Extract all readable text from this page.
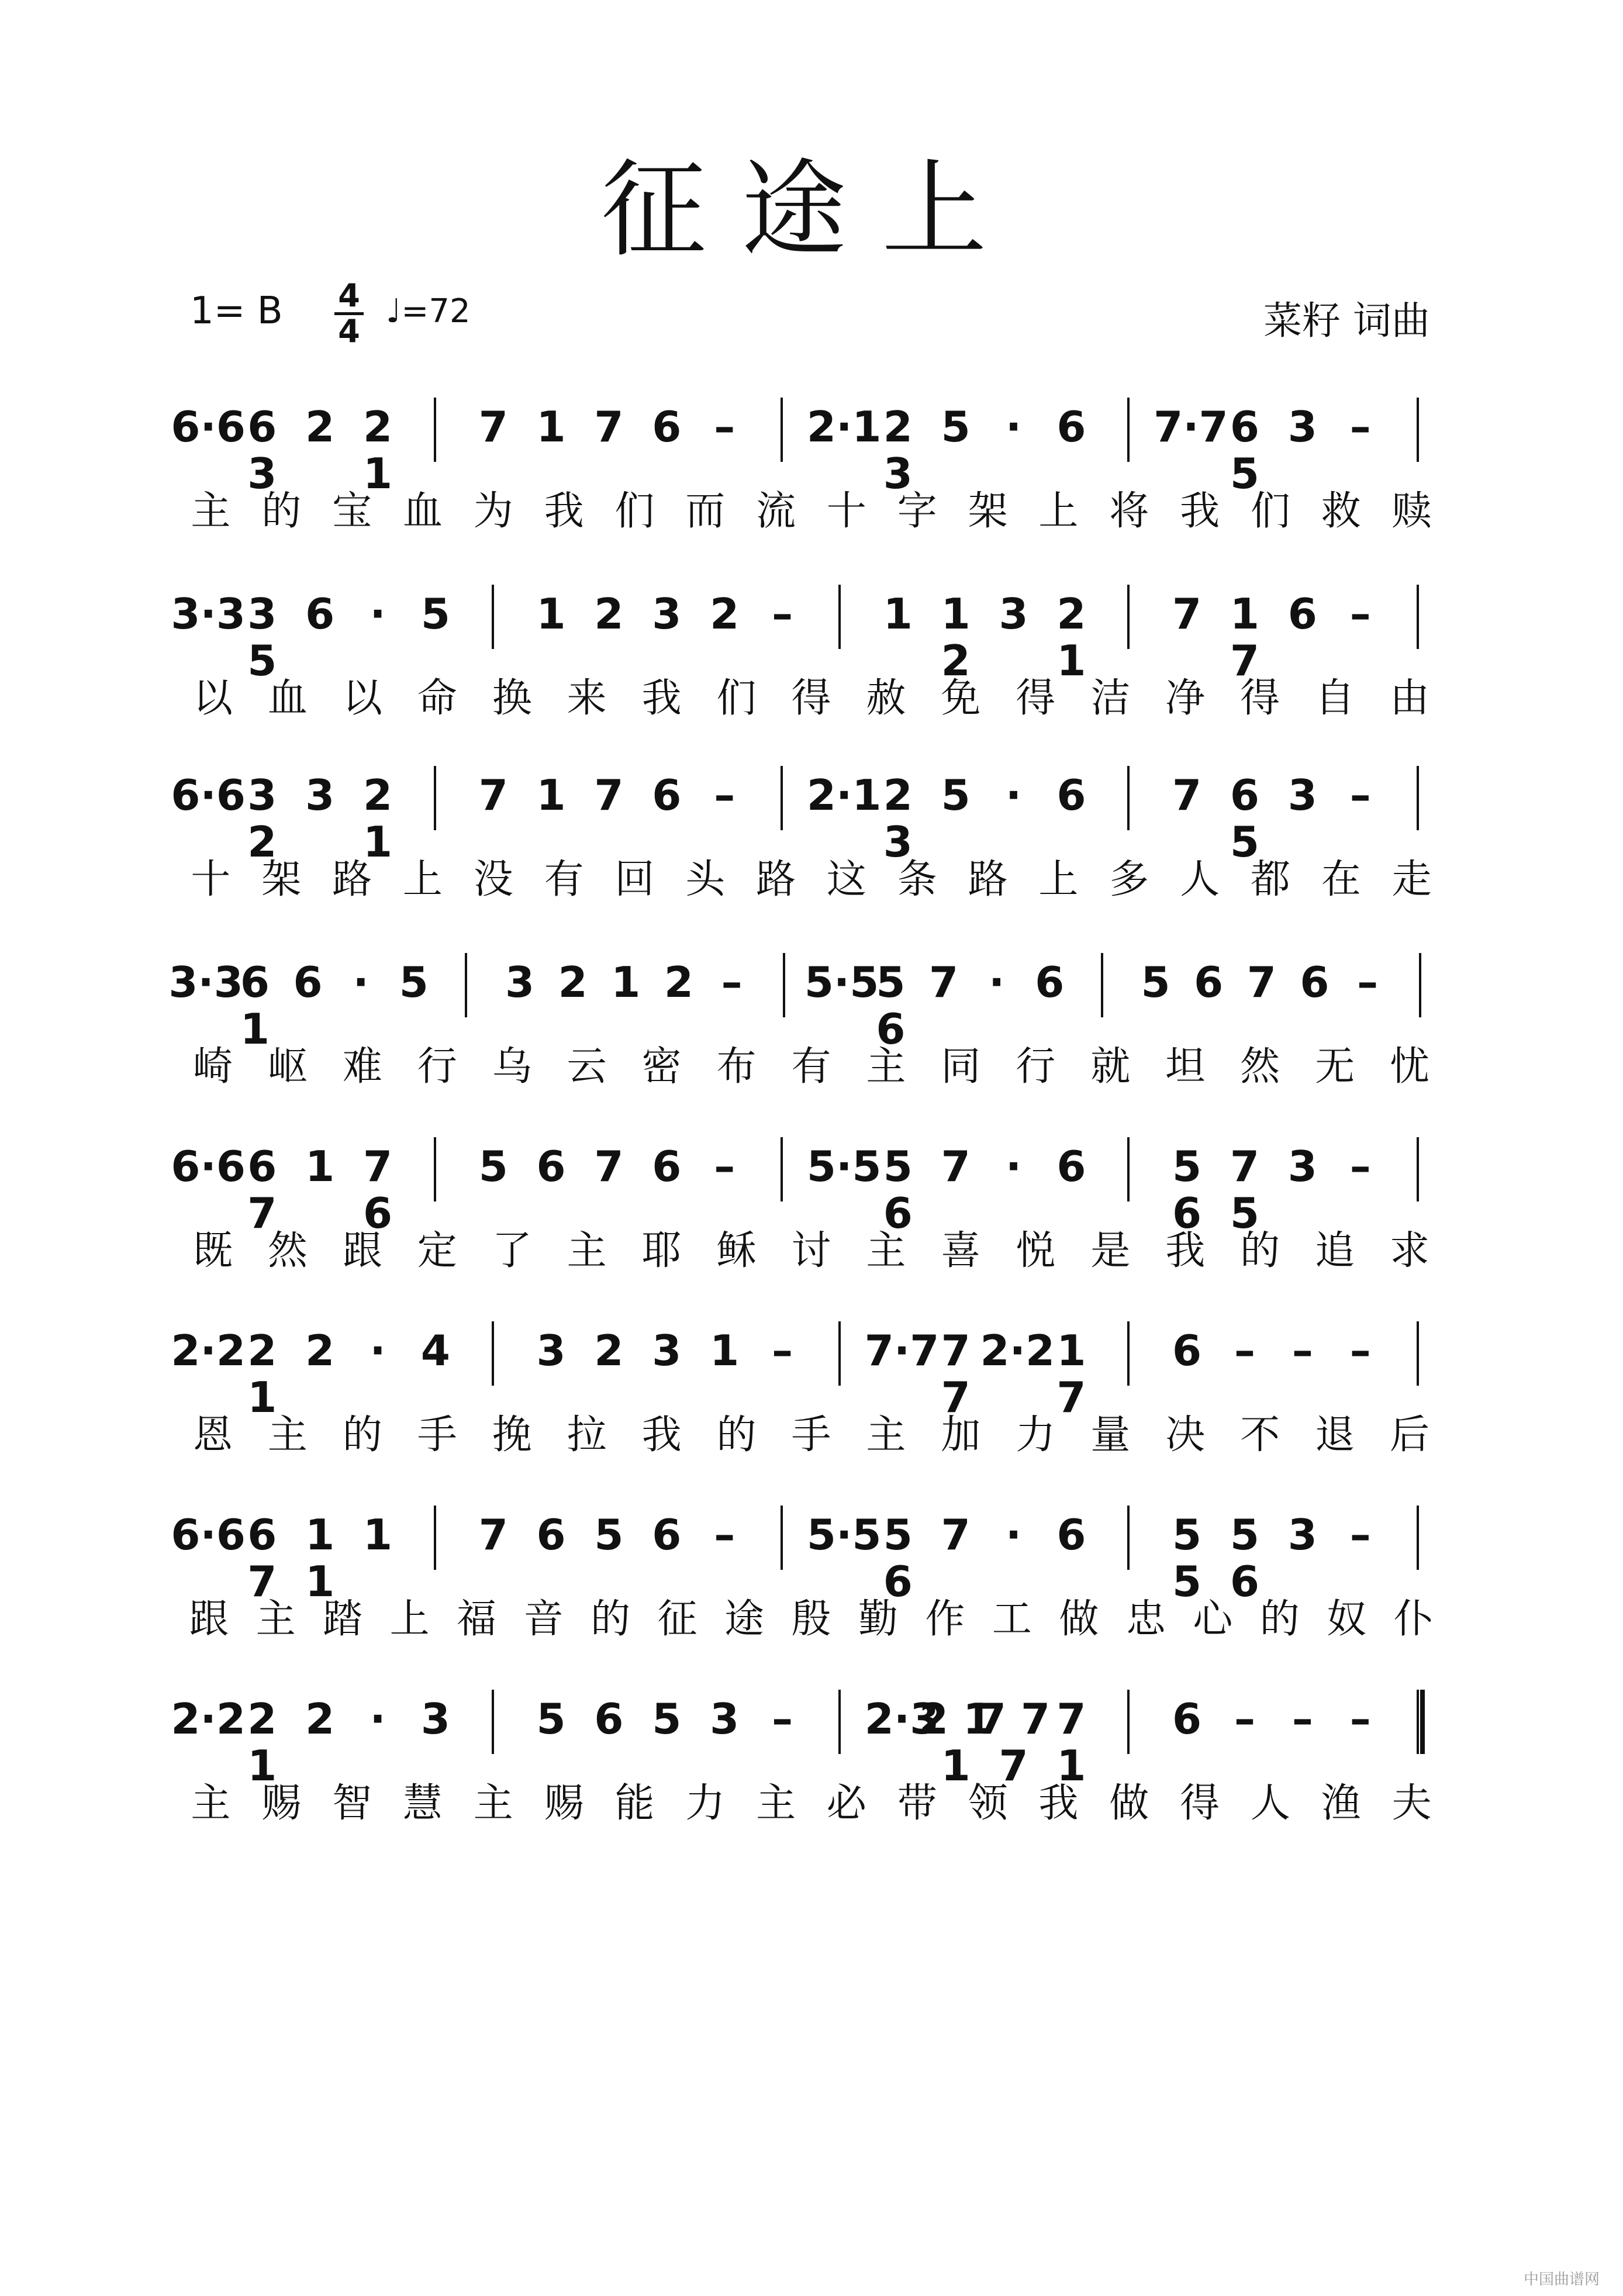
征途上
1= B 4
4
♩=72	菜籽 词曲
6·6 6 3
2 2 1
7 1 7 6 – 2·1 2 3
5 · 6 7·7 6 5
3 –
主 的 宝 血 为 我 们 而 流 十 字 架 上 将 我 们 救 赎
3·3 3 5
6 · 5 1 2 3 2 – 1 1 2
3 2 1
7 1 7
6 –
以 血 以 命 换 来 我 们 得 赦 免 得 洁 净 得 自 由
6·6 3 2
3 2 1
7 1 7 6 – 2·1 2 3
5 · 6 7 6 5
3 –
十 架 路 上 没 有 回 头 路 这 条 路 上 多 人 都 在 走
3·3
6 1
6 · 5 3 2 1 2 – 5·5
5 6
7 · 6 5 6 7 6 –
崎 岖 难 行 乌 云 密 布 有 主 同 行 就 坦 然 无 忧
6·6 6 7
1 7 6
5 6 7 6 – 5·5 5 6
7 · 6	5 6
7 5
3 –
既 然 跟 定 了 主 耶 稣 讨 主 喜 悦 是 我 的 追 求
2·2 2 1
2 · 4 3 2 3 1 – 7·7 7 7
2·2 1 7
6 – – –
恩 主 的 手 挽 拉 我 的 手 主 加 力 量 决 不 退 后
6·6 6 7
1 1
1 7 6 5 6 – 5·5 5 6
7 · 6	5 5
5 6
3 –
跟 主 踏 上 福 音 的 征 途 殷 勤 作 工 做 忠 心 的 奴 仆
2·2 2 1
2 · 3 5 6 5 3 – 2·3
2 1 1
7 7 7
7 1
6 – – –
主 赐 智 慧 主 赐 能 力 主 必 带 领 我 做 得 人 渔 夫
中国曲谱网
